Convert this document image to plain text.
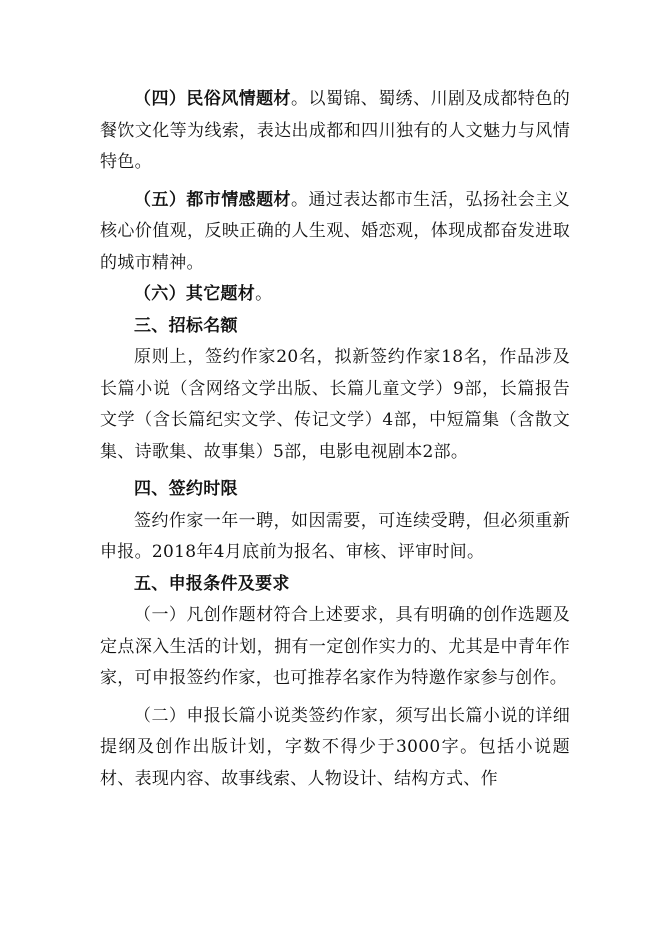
（四）民俗风情题材。以蜀锦、蜀绣、川剧及成都特色的餐饮文化等为线索，表达出成都和四川独有的人文魅力与风情特色。

（五）都市情感题材。通过表达都市生活，弘扬社会主义核心价值观，反映正确的人生观、婚恋观，体现成都奋发进取的城市精神。

（六）其它题材。

三、招标名额

原则上，签约作家20名，拟新签约作家18名，作品涉及长篇小说（含网络文学出版、长篇儿童文学）9部，长篇报告文学（含长篇纪实文学、传记文学）4部，中短篇集（含散文集、诗歌集、故事集）5部，电影电视剧本2部。

四、签约时限

签约作家一年一聘，如因需要，可连续受聘，但必须重新申报。2018年4月底前为报名、审核、评审时间。

五、申报条件及要求

（一）凡创作题材符合上述要求，具有明确的创作选题及定点深入生活的计划，拥有一定创作实力的、尤其是中青年作家，可申报签约作家，也可推荐名家作为特邀作家参与创作。

（二）申报长篇小说类签约作家，须写出长篇小说的详细提纲及创作出版计划，字数不得少于3000字。包括小说题材、表现内容、故事线索、人物设计、结构方式、作
